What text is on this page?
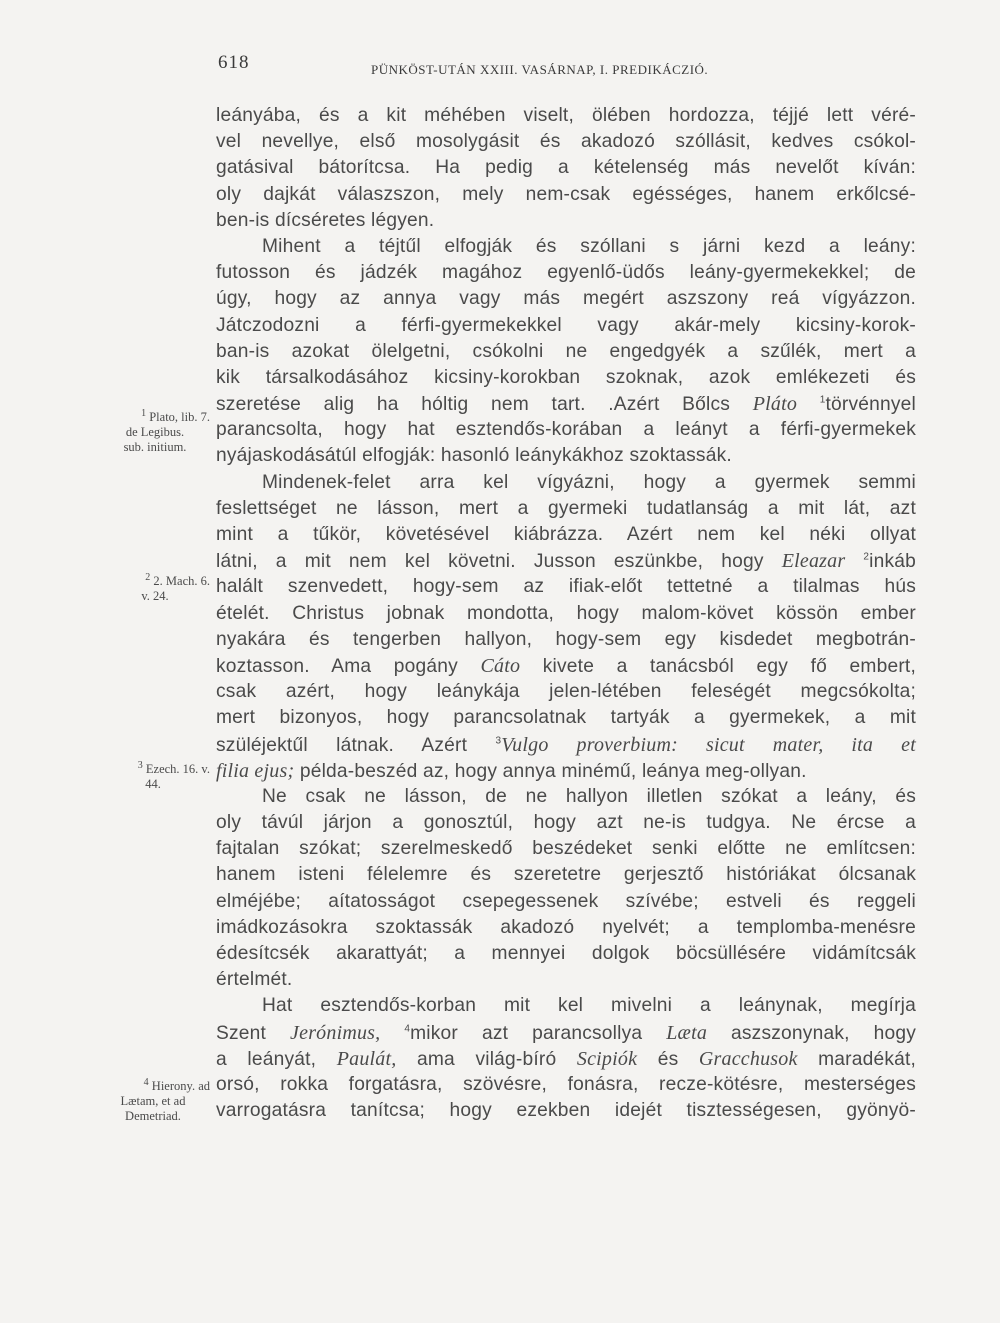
618	PÜNKÖST-UTÁN XXIII. VASÁRNAP, I. PREDIKÁCZIÓ.
$^1$ Plato, lib. 7.
de Legibus.
sub. initium.
$^2$ 2. Mach. 6.
v. 24.
$^3$ Ezech. 16. v.
44.
$^4$ Hierony. ad
Lætam, et ad
Demetriad.
leányába, és a kit méhében viselt, ölében hordozza, téjjé lett véré-
vel nevellye, első mosolygásit és akadozó szóllásit, kedves csókol-
gatásival bátorítcsa. Ha pedig a kételenség más nevelőt kíván:
oly dajkát válaszszon, mely nem-csak egésséges, hanem erkőlcsé-
ben-is dícséretes légyen.
Mihent a téjtűl elfogják és szóllani s járni kezd a leány:
futosson és jádzék magához egyenlő-üdős leány-gyermekekkel; de
úgy, hogy az annya vagy más megért aszszony reá vígyázzon.
Játczodozni a férfi-gyermekekkel vagy akár-mely kicsiny-korok-
ban-is azokat ölelgetni, csókolni ne engedgyék a szűlék, mert a
kik társalkodásához kicsiny-korokban szoknak, azok emlékezeti és
szeretése alig ha hóltig nem tart. .Azért Bőlcs Pláto $^1$törvénnyel
parancsolta, hogy hat esztendős-korában a leányt a férfi-gyermekek
nyájaskodásátúl elfogják: hasonló leánykákhoz szoktassák.
Mindenek-felet arra kel vígyázni, hogy a gyermek semmi
feslettséget ne lásson, mert a gyermeki tudatlanság a mit lát, azt
mint a tűkör, követésével kiábrázza. Azért nem kel néki ollyat
látni, a mit nem kel követni. Jusson eszünkbe, hogy Eleazar $^2$inkáb
halált szenvedett, hogy-sem az ifiak-előt tettetné a tilalmas hús
ételét. Christus jobnak mondotta, hogy malom-követ kössön ember
nyakára és tengerben hallyon, hogy-sem egy kisdedet megbotrán-
koztasson. Ama pogány Cáto kivete a tanácsból egy fő embert,
csak azért, hogy leánykája jelen-létében feleségét megcsókolta;
mert bizonyos, hogy parancsolatnak tartyák a gyermekek, a mit
szüléjektűl látnak. Azért	$^3$Vulgo proverbium: sicut mater, ita et
filia ejus; példa-beszéd az, hogy annya minémű, leánya meg-ollyan.
Ne csak ne lásson, de ne hallyon illetlen szókat a leány, és
oly távúl járjon a gonosztúl, hogy azt ne-is tudgya. Ne ércse a
fajtalan szókat; szerelmeskedő beszédeket senki előtte ne említcsen:
hanem isteni félelemre és szeretetre gerjesztő históriákat ólcsanak
elméjébe; aítatosságot csepegessenek szívébe; estveli és reggeli
imádkozásokra szoktassák akadozó nyelvét; a templomba-menésre
édesítcsék akarattyát; a mennyei dolgok böcsüllésére vidámítcsák
értelmét.
Hat esztendős-korban mit kel mivelni a leánynak, megírja
Szent Jerónimus, $^4$mikor azt parancsollya Læta aszszonynak, hogy
a leányát, Paulát, ama világ-bíró Scipiók és Gracchusok maradékát,
orsó, rokka forgatásra, szövésre, fonásra, recze-kötésre, mesterséges
varrogatásra tanítcsa; hogy ezekben idejét tisztességesen, gyönyö-
